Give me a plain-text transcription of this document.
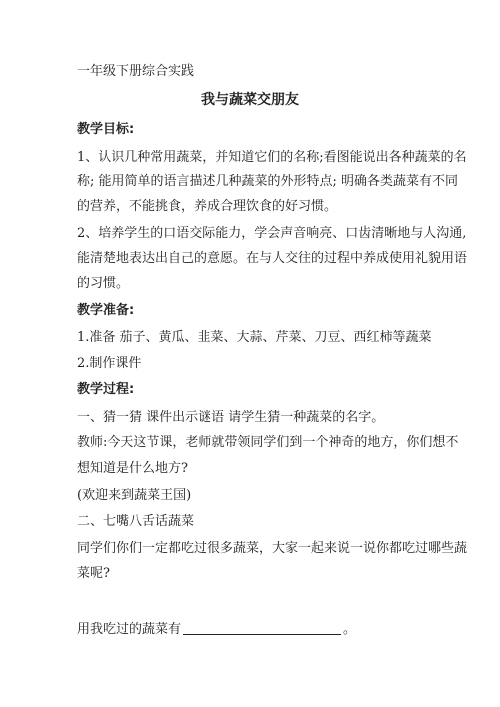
一年级下册综合实践
我与蔬菜交朋友
教学目标:
1、认识几种常用蔬菜，并知道它们的名称;看图能说出各种蔬菜的名
称; 能用简单的语言描述几种蔬菜的外形特点; 明确各类蔬菜有不同
的营养，不能挑食，养成合理饮食的好习惯。
2、培养学生的口语交际能力，学会声音响亮、口齿清晰地与人沟通,
能清楚地表达出自己的意愿。在与人交往的过程中养成使用礼貌用语
的习惯。
教学准备:
1.准备 茄子、黄瓜、韭菜、大蒜、芹菜、刀豆、西红柿等蔬菜
2.制作课件
教学过程:
一、猜一猜 课件出示谜语 请学生猜一种蔬菜的名字。
教师:今天这节课，老师就带领同学们到一个神奇的地方，你们想不
想知道是什么地方?
(欢迎来到蔬菜王国)
二、七嘴八舌话蔬菜
同学们你们一定都吃过很多蔬菜，大家一起来说一说你都吃过哪些蔬
菜呢?
用我吃过的蔬菜有	。
